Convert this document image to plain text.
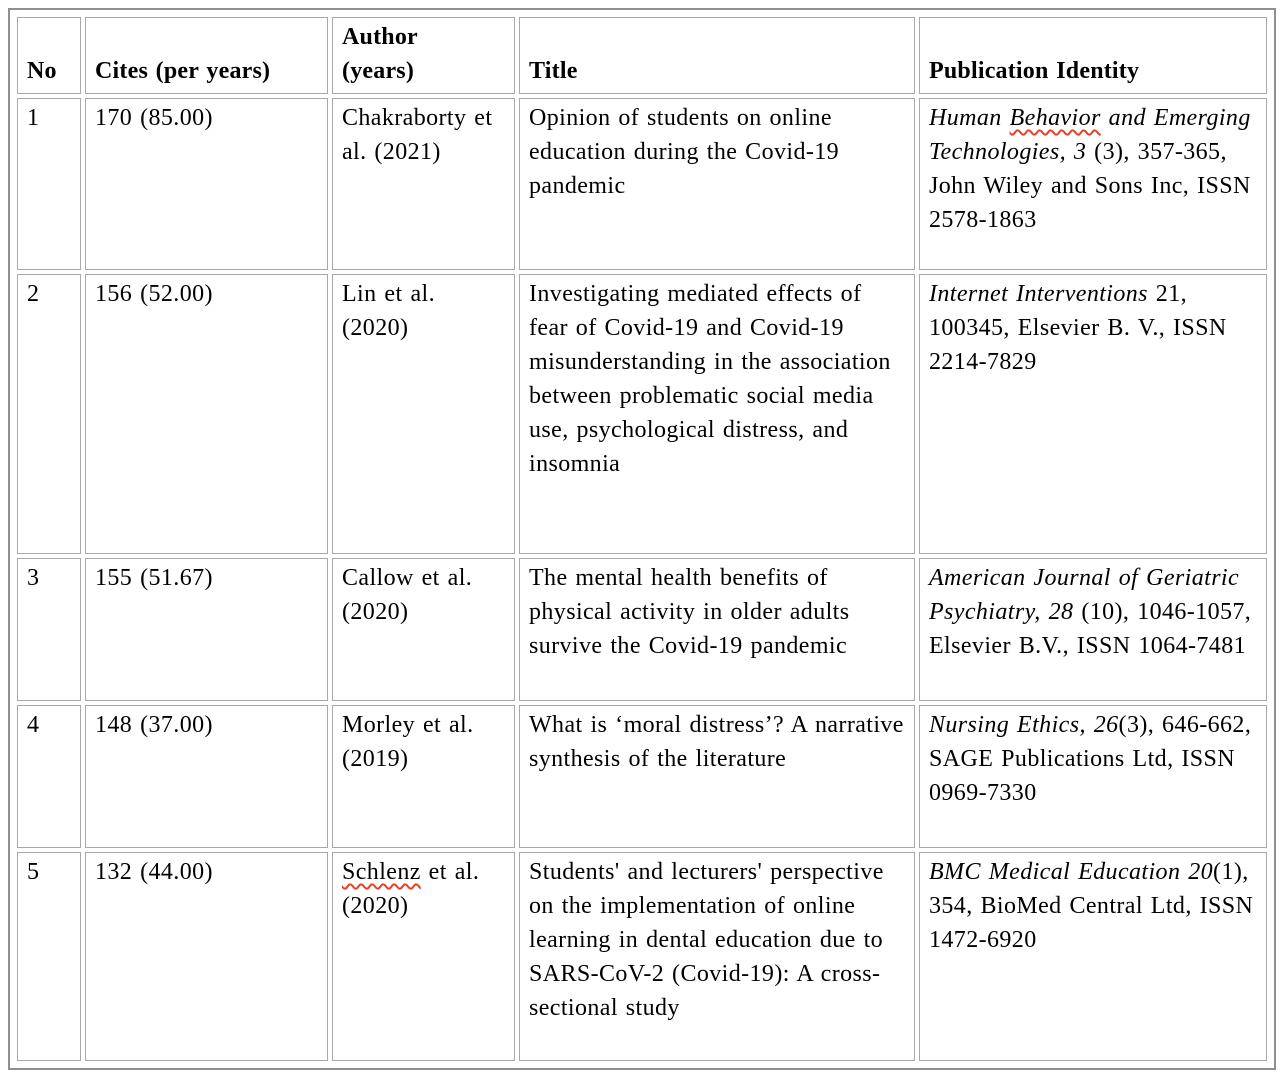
No	Cites (per years)	Author (years)	Title	Publication Identity
1	170 (85.00)	Chakraborty et al. (2021)	Opinion of students on online education during the Covid-19 pandemic	Human Behavior and Emerging Technologies, 3 (3), 357-365, John Wiley and Sons Inc, ISSN 2578-1863
2	156 (52.00)	Lin et al. (2020)	Investigating mediated effects of fear of Covid-19 and Covid-19 misunderstanding in the association between problematic social media use, psychological distress, and insomnia	Internet Interventions 21, 100345, Elsevier B. V., ISSN 2214-7829
3	155 (51.67)	Callow et al. (2020)	The mental health benefits of physical activity in older adults survive the Covid-19 pandemic	American Journal of Geriatric Psychiatry, 28 (10), 1046-1057, Elsevier B.V., ISSN 1064-7481
4	148 (37.00)	Morley et al. (2019)	What is ‘moral distress’? A narrative synthesis of the literature	Nursing Ethics, 26(3), 646-662, SAGE Publications Ltd, ISSN 0969-7330
5	132 (44.00)	Schlenz et al. (2020)	Students' and lecturers' perspective on the implementation of online learning in dental education due to SARS-CoV-2 (Covid-19): A cross-sectional study	BMC Medical Education 20(1), 354, BioMed Central Ltd, ISSN 1472-6920
